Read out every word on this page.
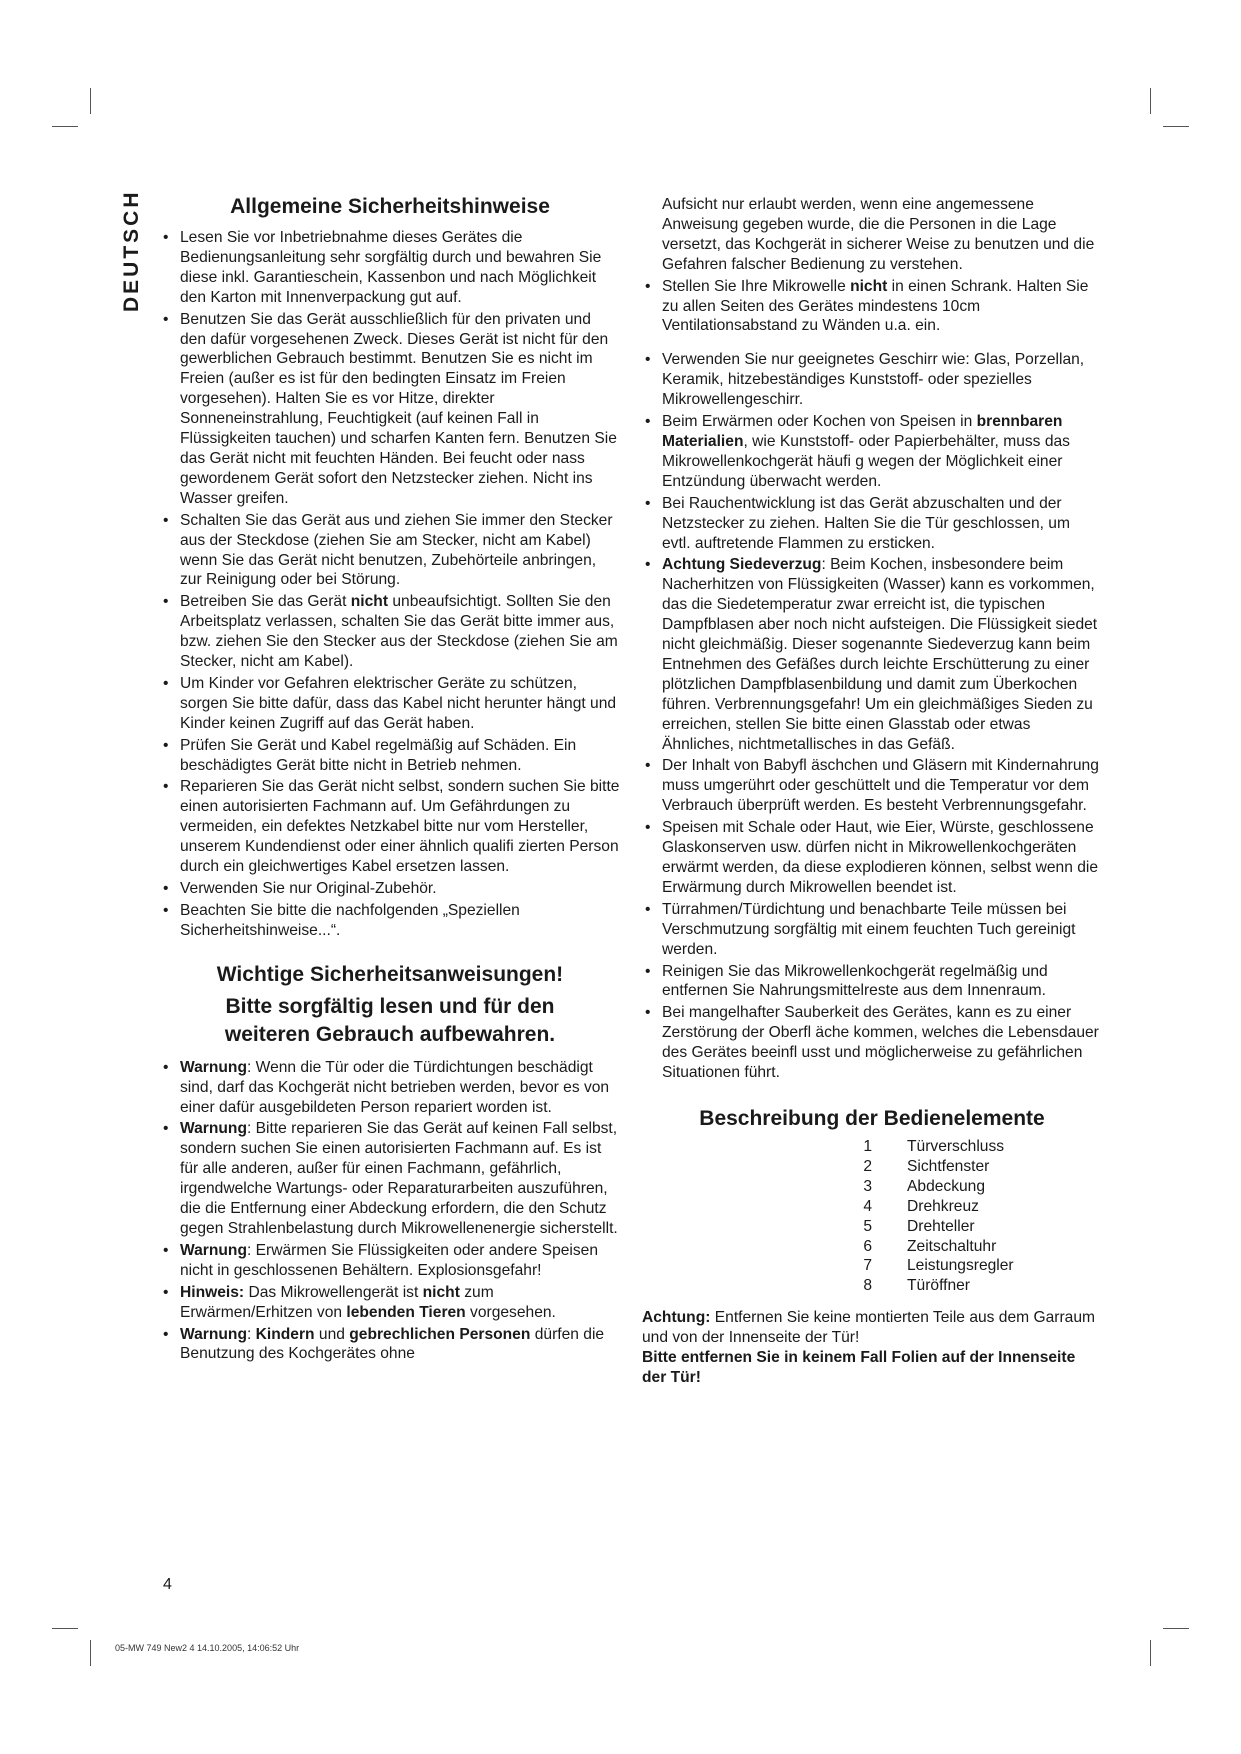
DEUTSCH	Allgemeine Sicherheitshinweise
• Lesen Sie vor Inbetriebnahme dieses Gerätes die Bedienungsanleitung sehr sorgfältig durch und bewahren Sie diese inkl. Garantieschein, Kassenbon und nach Möglichkeit den Karton mit Innenverpackung gut auf.
• Benutzen Sie das Gerät ausschließlich für den privaten und den dafür vorgesehenen Zweck. Dieses Gerät ist nicht für den gewerblichen Gebrauch bestimmt. Benutzen Sie es nicht im Freien (außer es ist für den bedingten Einsatz im Freien vorgesehen). Halten Sie es vor Hitze, direkter Sonneneinstrahlung, Feuchtigkeit (auf keinen Fall in Flüssigkeiten tauchen) und scharfen Kanten fern. Benutzen Sie das Gerät nicht mit feuchten Händen. Bei feucht oder nass gewordenem Gerät sofort den Netzstecker ziehen. Nicht ins Wasser greifen.
• Schalten Sie das Gerät aus und ziehen Sie immer den Stecker aus der Steckdose (ziehen Sie am Stecker, nicht am Kabel) wenn Sie das Gerät nicht benutzen, Zubehörteile anbringen, zur Reinigung oder bei Störung.
• Betreiben Sie das Gerät nicht unbeaufsichtigt. Sollten Sie den Arbeitsplatz verlassen, schalten Sie das Gerät bitte immer aus, bzw. ziehen Sie den Stecker aus der Steckdose (ziehen Sie am Stecker, nicht am Kabel).
• Um Kinder vor Gefahren elektrischer Geräte zu schützen, sorgen Sie bitte dafür, dass das Kabel nicht herunter hängt und Kinder keinen Zugriff auf das Gerät haben.
• Prüfen Sie Gerät und Kabel regelmäßig auf Schäden. Ein beschädigtes Gerät bitte nicht in Betrieb nehmen.
• Reparieren Sie das Gerät nicht selbst, sondern suchen Sie bitte einen autorisierten Fachmann auf. Um Gefährdungen zu vermeiden, ein defektes Netzkabel bitte nur vom Hersteller, unserem Kundendienst oder einer ähnlich qualifi zierten Person durch ein gleichwertiges Kabel ersetzen lassen.
• Verwenden Sie nur Original-Zubehör.
• Beachten Sie bitte die nachfolgenden „Speziellen Sicherheitshinweise...“.
Wichtige Sicherheitsanweisungen!
Bitte sorgfältig lesen und für den
weiteren Gebrauch aufbewahren.
• Warnung: Wenn die Tür oder die Türdichtungen beschädigt sind, darf das Kochgerät nicht betrieben werden, bevor es von einer dafür ausgebildeten Person repariert worden ist.
• Warnung: Bitte reparieren Sie das Gerät auf keinen Fall selbst, sondern suchen Sie einen autorisierten Fachmann auf. Es ist für alle anderen, außer für einen Fachmann, gefährlich, irgendwelche Wartungs- oder Reparaturarbeiten auszuführen, die die Entfernung einer Abdeckung erfordern, die den Schutz gegen Strahlenbelastung durch Mikrowellenenergie sicherstellt.
• Warnung: Erwärmen Sie Flüssigkeiten oder andere Speisen nicht in geschlossenen Behältern. Explosionsgefahr!
• Hinweis: Das Mikrowellengerät ist nicht zum Erwärmen/Erhitzen von lebenden Tieren vorgesehen.
• Warnung: Kindern und gebrechlichen Personen dürfen die Benutzung des Kochgerätes ohne

Aufsicht nur erlaubt werden, wenn eine angemessene Anweisung gegeben wurde, die die Personen in die Lage versetzt, das Kochgerät in sicherer Weise zu benutzen und die Gefahren falscher Bedienung zu verstehen.

• Stellen Sie Ihre Mikrowelle nicht in einen Schrank. Halten Sie zu allen Seiten des Gerätes mindestens 10cm Ventilationsabstand zu Wänden u.a. ein.
• Verwenden Sie nur geeignetes Geschirr wie: Glas, Porzellan, Keramik, hitzebeständiges Kunststoff- oder spezielles Mikrowellengeschirr.
• Beim Erwärmen oder Kochen von Speisen in brennbaren Materialien, wie Kunststoff- oder Papierbehälter, muss das Mikrowellenkochgerät häufi g wegen der Möglichkeit einer Entzündung überwacht werden.
• Bei Rauchentwicklung ist das Gerät abzuschalten und der Netzstecker zu ziehen. Halten Sie die Tür geschlossen, um evtl. auftretende Flammen zu ersticken.
• Achtung Siedeverzug: Beim Kochen, insbesondere beim Nacherhitzen von Flüssigkeiten (Wasser) kann es vorkommen, das die Siedetemperatur zwar erreicht ist, die typischen Dampfblasen aber noch nicht aufsteigen. Die Flüssigkeit siedet nicht gleichmäßig. Dieser sogenannte Siedeverzug kann beim Entnehmen des Gefäßes durch leichte Erschütterung zu einer plötzlichen Dampfblasenbildung und damit zum Überkochen führen. Verbrennungsgefahr! Um ein gleichmäßiges Sieden zu erreichen, stellen Sie bitte einen Glasstab oder etwas Ähnliches, nichtmetallisches in das Gefäß.
• Der Inhalt von Babyfl äschchen und Gläsern mit Kindernahrung muss umgerührt oder geschüttelt und die Temperatur vor dem Verbrauch überprüft werden. Es besteht Verbrennungsgefahr.
• Speisen mit Schale oder Haut, wie Eier, Würste, geschlossene Glaskonserven usw. dürfen nicht in Mikrowellenkochgeräten erwärmt werden, da diese explodieren können, selbst wenn die Erwärmung durch Mikrowellen beendet ist.
• Türrahmen/Türdichtung und benachbarte Teile müssen bei Verschmutzung sorgfältig mit einem feuchten Tuch gereinigt werden.
• Reinigen Sie das Mikrowellenkochgerät regelmäßig und entfernen Sie Nahrungsmittelreste aus dem Innenraum.
• Bei mangelhafter Sauberkeit des Gerätes, kann es zu einer Zerstörung der Oberfl äche kommen, welches die Lebensdauer des Gerätes beeinfl usst und möglicherweise zu gefährlichen Situationen führt.
Beschreibung der Bedienelemente
1 Türverschluss
2 Sichtfenster
3 Abdeckung
4 Drehkreuz
5 Drehteller
6 Zeitschaltuhr
7 Leistungsregler
8 Türöffner

Achtung: Entfernen Sie keine montierten Teile aus dem Garraum und von der Innenseite der Tür!

Bitte entfernen Sie in keinem Fall Folien auf der Innenseite der Tür!

4
05-MW 749 New2 4 14.10.2005, 14:06:52 Uhr
